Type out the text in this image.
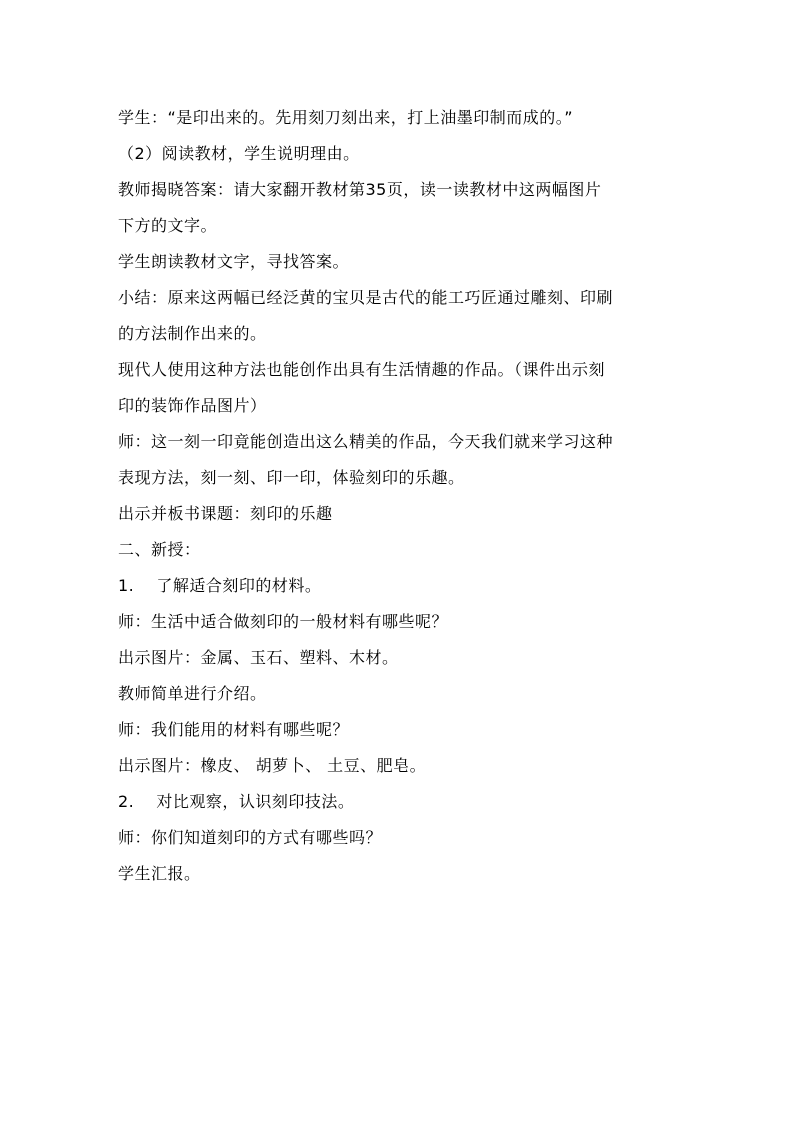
学生：“是印出来的。先用刻刀刻出来，打上油墨印制而成的。”
（2）阅读教材，学生说明理由。
教师揭晓答案：请大家翻开教材第35页，读一读教材中这两幅图片
下方的文字。
学生朗读教材文字，寻找答案。
小结：原来这两幅已经泛黄的宝贝是古代的能工巧匠通过雕刻、印刷
的方法制作出来的。
现代人使用这种方法也能创作出具有生活情趣的作品。（课件出示刻
印的装饰作品图片）
师：这一刻一印竟能创造出这么精美的作品，今天我们就来学习这种
表现方法，刻一刻、印一印，体验刻印的乐趣。
出示并板书课题：刻印的乐趣
二、新授：
1.　 了解适合刻印的材料。
师：生活中适合做刻印的一般材料有哪些呢？
出示图片：金属、玉石、塑料、木材。
教师简单进行介绍。
师：我们能用的材料有哪些呢？
出示图片：橡皮、 胡萝卜、 土豆、肥皂。
2.　 对比观察，认识刻印技法。
师：你们知道刻印的方式有哪些吗？
学生汇报。
